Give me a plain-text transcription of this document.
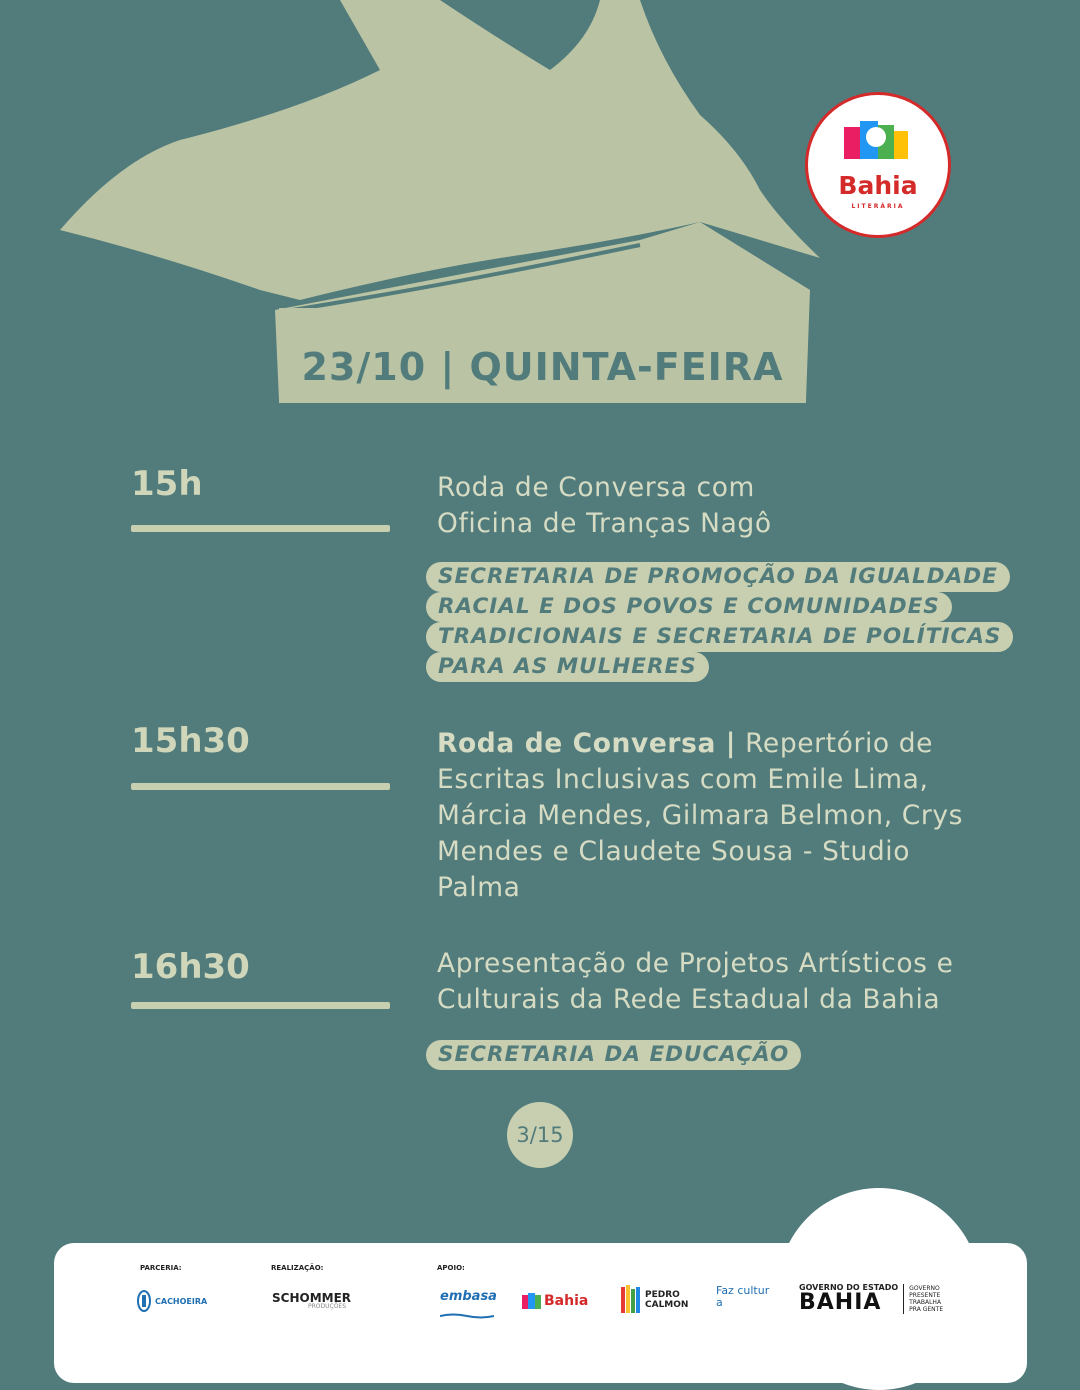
23/10 | QUINTA-FEIRA
Bahia
LITERÁRIA
15h	Roda de Conversa com Oficina de Tranças Nagô
SECRETARIA DE PROMOÇÃO DA IGUALDADE
RACIAL E DOS POVOS E COMUNIDADES
TRADICIONAIS E SECRETARIA DE POLÍTICAS
PARA AS MULHERES
15h30	Roda de Conversa | Repertório de Escritas Inclusivas com Emile Lima, Márcia Mendes, Gilmara Belmon, Crys Mendes e Claudete Sousa - Studio Palma
16h30	Apresentação de Projetos Artísticos e Culturais da Rede Estadual da Bahia
SECRETARIA DA EDUCAÇÃO
3/15
PARCERIA:	REALIZAÇÃO:	APOIO:
CACHOEIRA	SCHOMMER
PRODUÇÕES
embasa	Bahia	PEDRO CALMON
Faz cultura
GOVERNO DO ESTADO
BAHIA
GOVERNO PRESENTE TRABALHA PRA GENTE
